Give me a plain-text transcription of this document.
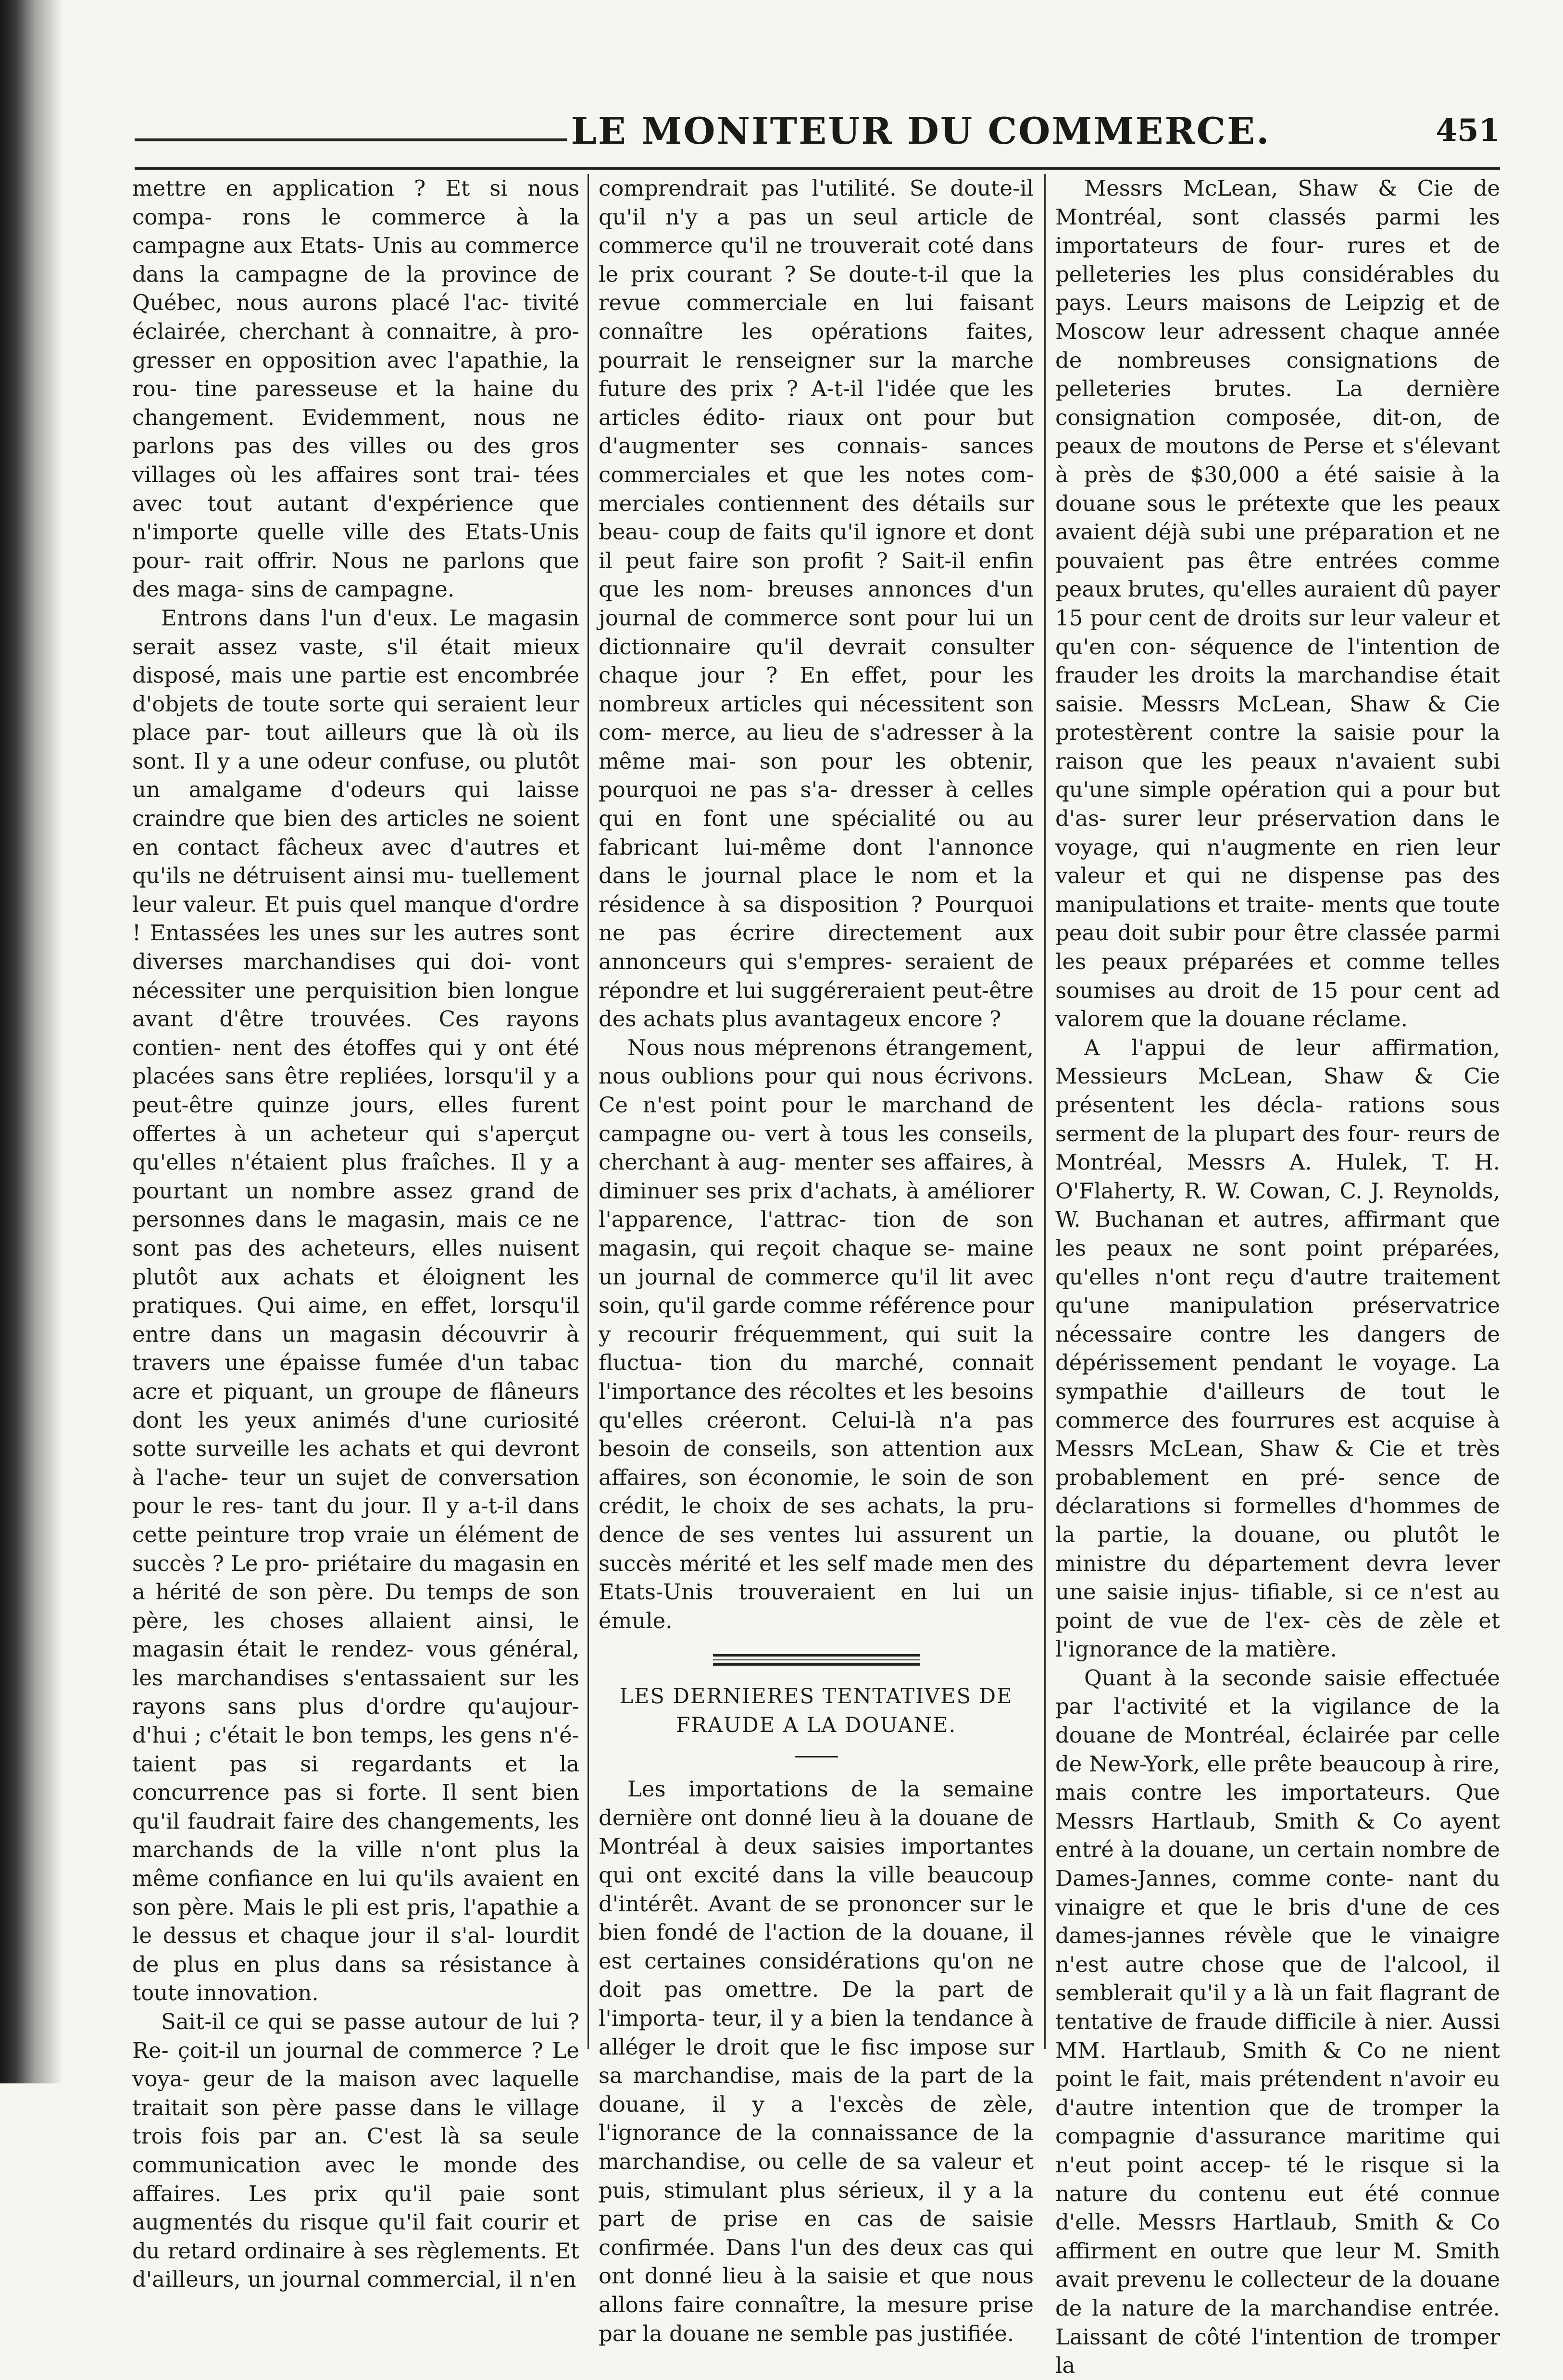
LE MONITEUR DU COMMERCE.	451

mettre en application ? Et si nous compa- rons le commerce à la campagne aux Etats- Unis au commerce dans la campagne de la province de Québec, nous aurons placé l'ac- tivité éclairée, cherchant à connaitre, à pro- gresser en opposition avec l'apathie, la rou- tine paresseuse et la haine du changement. Evidemment, nous ne parlons pas des villes ou des gros villages où les affaires sont trai- tées avec tout autant d'expérience que n'importe quelle ville des Etats-Unis pour- rait offrir. Nous ne parlons que des maga- sins de campagne.

Entrons dans l'un d'eux. Le magasin serait assez vaste, s'il était mieux disposé, mais une partie est encombrée d'objets de toute sorte qui seraient leur place par- tout ailleurs que là où ils sont. Il y a une odeur confuse, ou plutôt un amalgame d'odeurs qui laisse craindre que bien des articles ne soient en contact fâcheux avec d'autres et qu'ils ne détruisent ainsi mu- tuellement leur valeur. Et puis quel manque d'ordre ! Entassées les unes sur les autres sont diverses marchandises qui doi- vont nécessiter une perquisition bien longue avant d'être trouvées. Ces rayons contien- nent des étoffes qui y ont été placées sans être repliées, lorsqu'il y a peut-être quinze jours, elles furent offertes à un acheteur qui s'aperçut qu'elles n'étaient plus fraîches. Il y a pourtant un nombre assez grand de personnes dans le magasin, mais ce ne sont pas des acheteurs, elles nuisent plutôt aux achats et éloignent les pratiques. Qui aime, en effet, lorsqu'il entre dans un magasin découvrir à travers une épaisse fumée d'un tabac acre et piquant, un groupe de flâneurs dont les yeux animés d'une curiosité sotte surveille les achats et qui devront à l'ache- teur un sujet de conversation pour le res- tant du jour. Il y a-t-il dans cette peinture trop vraie un élément de succès ? Le pro- priétaire du magasin en a hérité de son père. Du temps de son père, les choses allaient ainsi, le magasin était le rendez- vous général, les marchandises s'entassaient sur les rayons sans plus d'ordre qu'aujour- d'hui ; c'était le bon temps, les gens n'é- taient pas si regardants et la concurrence pas si forte. Il sent bien qu'il faudrait faire des changements, les marchands de la ville n'ont plus la même confiance en lui qu'ils avaient en son père. Mais le pli est pris, l'apathie a le dessus et chaque jour il s'al- lourdit de plus en plus dans sa résistance à toute innovation.

Sait-il ce qui se passe autour de lui ? Re- çoit-il un journal de commerce ? Le voya- geur de la maison avec laquelle traitait son père passe dans le village trois fois par an. C'est là sa seule communication avec le monde des affaires. Les prix qu'il paie sont augmentés du risque qu'il fait courir et du retard ordinaire à ses règlements. Et d'ailleurs, un journal commercial, il n'en

comprendrait pas l'utilité. Se doute-il qu'il n'y a pas un seul article de commerce qu'il ne trouverait coté dans le prix courant ? Se doute-t-il que la revue commerciale en lui faisant connaître les opérations faites, pourrait le renseigner sur la marche future des prix ? A-t-il l'idée que les articles édito- riaux ont pour but d'augmenter ses connais- sances commerciales et que les notes com- merciales contiennent des détails sur beau- coup de faits qu'il ignore et dont il peut faire son profit ? Sait-il enfin que les nom- breuses annonces d'un journal de commerce sont pour lui un dictionnaire qu'il devrait consulter chaque jour ? En effet, pour les nombreux articles qui nécessitent son com- merce, au lieu de s'adresser à la même mai- son pour les obtenir, pourquoi ne pas s'a- dresser à celles qui en font une spécialité ou au fabricant lui-même dont l'annonce dans le journal place le nom et la résidence à sa disposition ? Pourquoi ne pas écrire directement aux annonceurs qui s'empres- seraient de répondre et lui suggéreraient peut-être des achats plus avantageux encore ?

Nous nous méprenons étrangement, nous oublions pour qui nous écrivons. Ce n'est point pour le marchand de campagne ou- vert à tous les conseils, cherchant à aug- menter ses affaires, à diminuer ses prix d'achats, à améliorer l'apparence, l'attrac- tion de son magasin, qui reçoit chaque se- maine un journal de commerce qu'il lit avec soin, qu'il garde comme référence pour y recourir fréquemment, qui suit la fluctua- tion du marché, connait l'importance des récoltes et les besoins qu'elles créeront. Celui-là n'a pas besoin de conseils, son attention aux affaires, son économie, le soin de son crédit, le choix de ses achats, la pru- dence de ses ventes lui assurent un succès mérité et les self made men des Etats-Unis trouveraient en lui un émule.

LES DERNIERES TENTATIVES DE FRAUDE A LA DOUANE.

Les importations de la semaine dernière ont donné lieu à la douane de Montréal à deux saisies importantes qui ont excité dans la ville beaucoup d'intérêt. Avant de se prononcer sur le bien fondé de l'action de la douane, il est certaines considérations qu'on ne doit pas omettre. De la part de l'importa- teur, il y a bien la tendance à alléger le droit que le fisc impose sur sa marchandise, mais de la part de la douane, il y a l'excès de zèle, l'ignorance de la connaissance de la marchandise, ou celle de sa valeur et puis, stimulant plus sérieux, il y a la part de prise en cas de saisie confirmée. Dans l'un des deux cas qui ont donné lieu à la saisie et que nous allons faire connaître, la mesure prise par la douane ne semble pas justifiée.

Messrs McLean, Shaw & Cie de Montréal, sont classés parmi les importateurs de four- rures et de pelleteries les plus considérables du pays. Leurs maisons de Leipzig et de Moscow leur adressent chaque année de nombreuses consignations de pelleteries brutes. La dernière consignation composée, dit-on, de peaux de moutons de Perse et s'élevant à près de $30,000 a été saisie à la douane sous le prétexte que les peaux avaient déjà subi une préparation et ne pouvaient pas être entrées comme peaux brutes, qu'elles auraient dû payer 15 pour cent de droits sur leur valeur et qu'en con- séquence de l'intention de frauder les droits la marchandise était saisie. Messrs McLean, Shaw & Cie protestèrent contre la saisie pour la raison que les peaux n'avaient subi qu'une simple opération qui a pour but d'as- surer leur préservation dans le voyage, qui n'augmente en rien leur valeur et qui ne dispense pas des manipulations et traite- ments que toute peau doit subir pour être classée parmi les peaux préparées et comme telles soumises au droit de 15 pour cent ad valorem que la douane réclame.

A l'appui de leur affirmation, Messieurs McLean, Shaw & Cie présentent les décla- rations sous serment de la plupart des four- reurs de Montréal, Messrs A. Hulek, T. H. O'Flaherty, R. W. Cowan, C. J. Reynolds, W. Buchanan et autres, affirmant que les peaux ne sont point préparées, qu'elles n'ont reçu d'autre traitement qu'une manipulation préservatrice nécessaire contre les dangers de dépérissement pendant le voyage. La sympathie d'ailleurs de tout le commerce des fourrures est acquise à Messrs McLean, Shaw & Cie et très probablement en pré- sence de déclarations si formelles d'hommes de la partie, la douane, ou plutôt le ministre du département devra lever une saisie injus- tifiable, si ce n'est au point de vue de l'ex- cès de zèle et l'ignorance de la matière.

Quant à la seconde saisie effectuée par l'activité et la vigilance de la douane de Montréal, éclairée par celle de New-York, elle prête beaucoup à rire, mais contre les importateurs. Que Messrs Hartlaub, Smith & Co ayent entré à la douane, un certain nombre de Dames-Jannes, comme conte- nant du vinaigre et que le bris d'une de ces dames-jannes révèle que le vinaigre n'est autre chose que de l'alcool, il semblerait qu'il y a là un fait flagrant de tentative de fraude difficile à nier. Aussi MM. Hartlaub, Smith & Co ne nient point le fait, mais prétendent n'avoir eu d'autre intention que de tromper la compagnie d'assurance maritime qui n'eut point accep- té le risque si la nature du contenu eut été connue d'elle. Messrs Hartlaub, Smith & Co affirment en outre que leur M. Smith avait prevenu le collecteur de la douane de la nature de la marchandise entrée. Laissant de côté l'intention de tromper la
